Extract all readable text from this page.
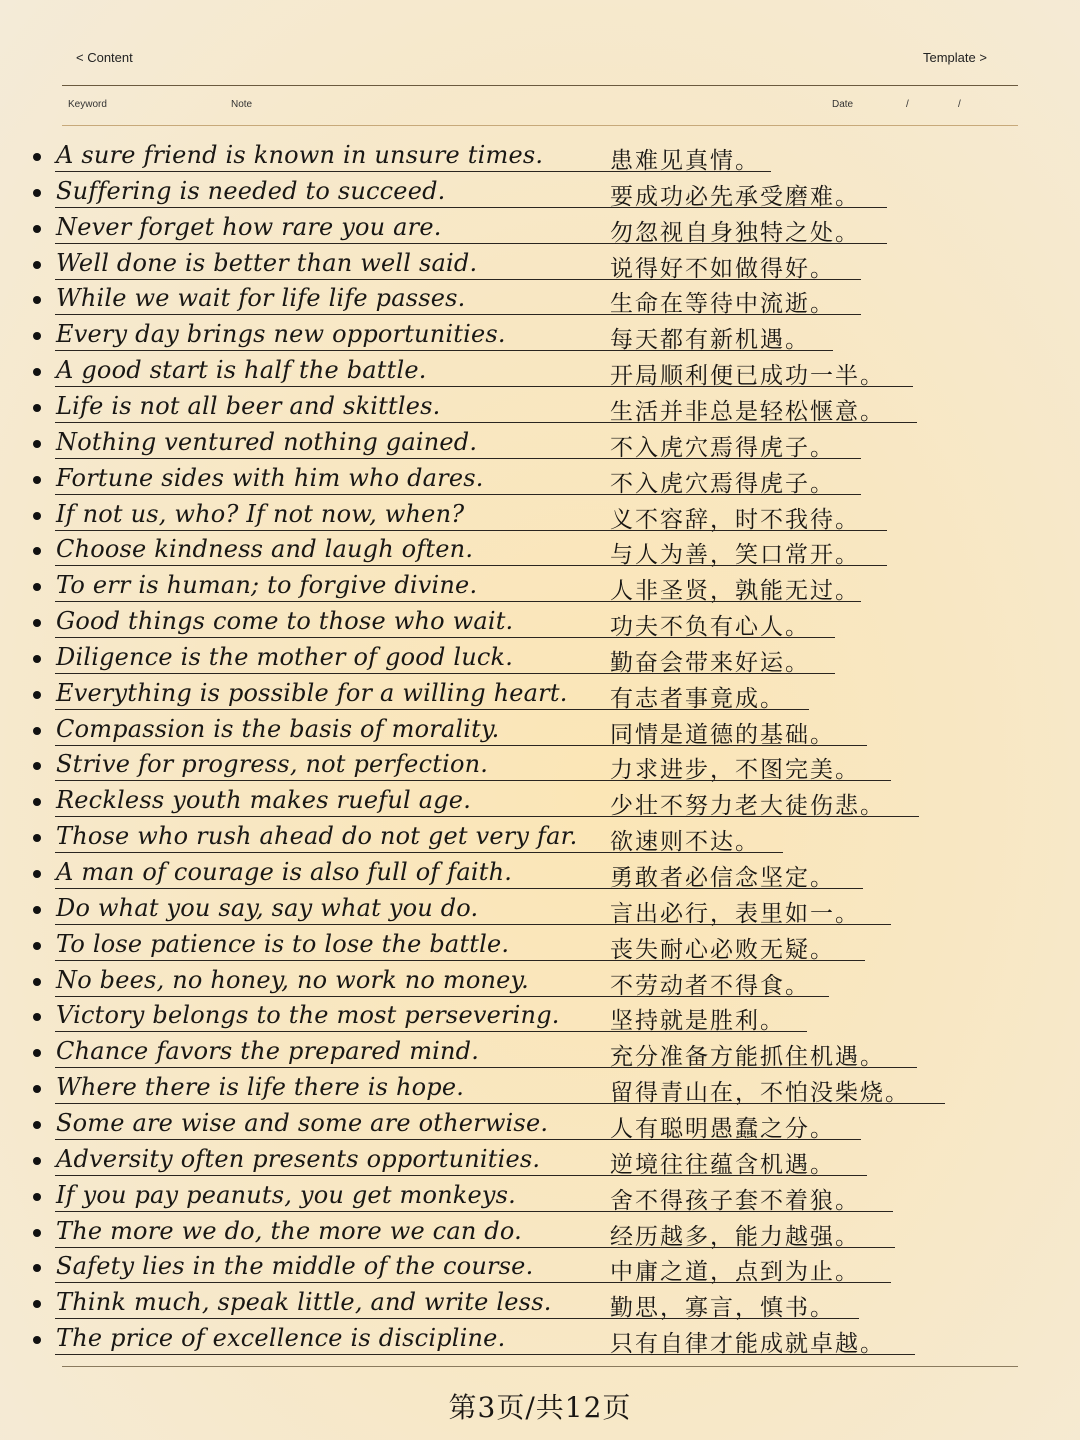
< Content	Template >
Keyword	Note	Date	/	/
A sure friend is known in unsure times.	患难见真情。
Suffering is needed to succeed.	要成功必先承受磨难。
Never forget how rare you are.	勿忽视自身独特之处。
Well done is better than well said.	说得好不如做得好。
While we wait for life life passes.	生命在等待中流逝。
Every day brings new opportunities.	每天都有新机遇。
A good start is half the battle.	开局顺利便已成功一半。
Life is not all beer and skittles.	生活并非总是轻松惬意。
Nothing ventured nothing gained.	不入虎穴焉得虎子。
Fortune sides with him who dares.	不入虎穴焉得虎子。
If not us, who? If not now, when?	义不容辞，时不我待。
Choose kindness and laugh often.	与人为善，笑口常开。
To err is human; to forgive divine.	人非圣贤，孰能无过。
Good things come to those who wait.	功夫不负有心人。
Diligence is the mother of good luck.	勤奋会带来好运。
Everything is possible for a willing heart. 有志者事竟成。
Compassion is the basis of morality.	同情是道德的基础。
Strive for progress, not perfection.	力求进步，不图完美。
Reckless youth makes rueful age.	少壮不努力老大徒伤悲。
Those who rush ahead do not get very far. 欲速则不达。
A man of courage is also full of faith.	勇敢者必信念坚定。
Do what you say, say what you do.	言出必行，表里如一。
To lose patience is to lose the battle.	丧失耐心必败无疑。
No bees, no honey, no work no money.	不劳动者不得食。
Victory belongs to the most persevering. 坚持就是胜利。
Chance favors the prepared mind.	充分准备方能抓住机遇。
Where there is life there is hope.	留得青山在，不怕没柴烧。
Some are wise and some are otherwise.	人有聪明愚蠢之分。
Adversity often presents opportunities.	逆境往往蕴含机遇。
If you pay peanuts, you get monkeys.	舍不得孩子套不着狼。
The more we do, the more we can do.	经历越多，能力越强。
Safety lies in the middle of the course.	中庸之道，点到为止。
Think much, speak little, and write less.	勤思，寡言，慎书。
The price of excellence is discipline.	只有自律才能成就卓越。
第3页/共12页
